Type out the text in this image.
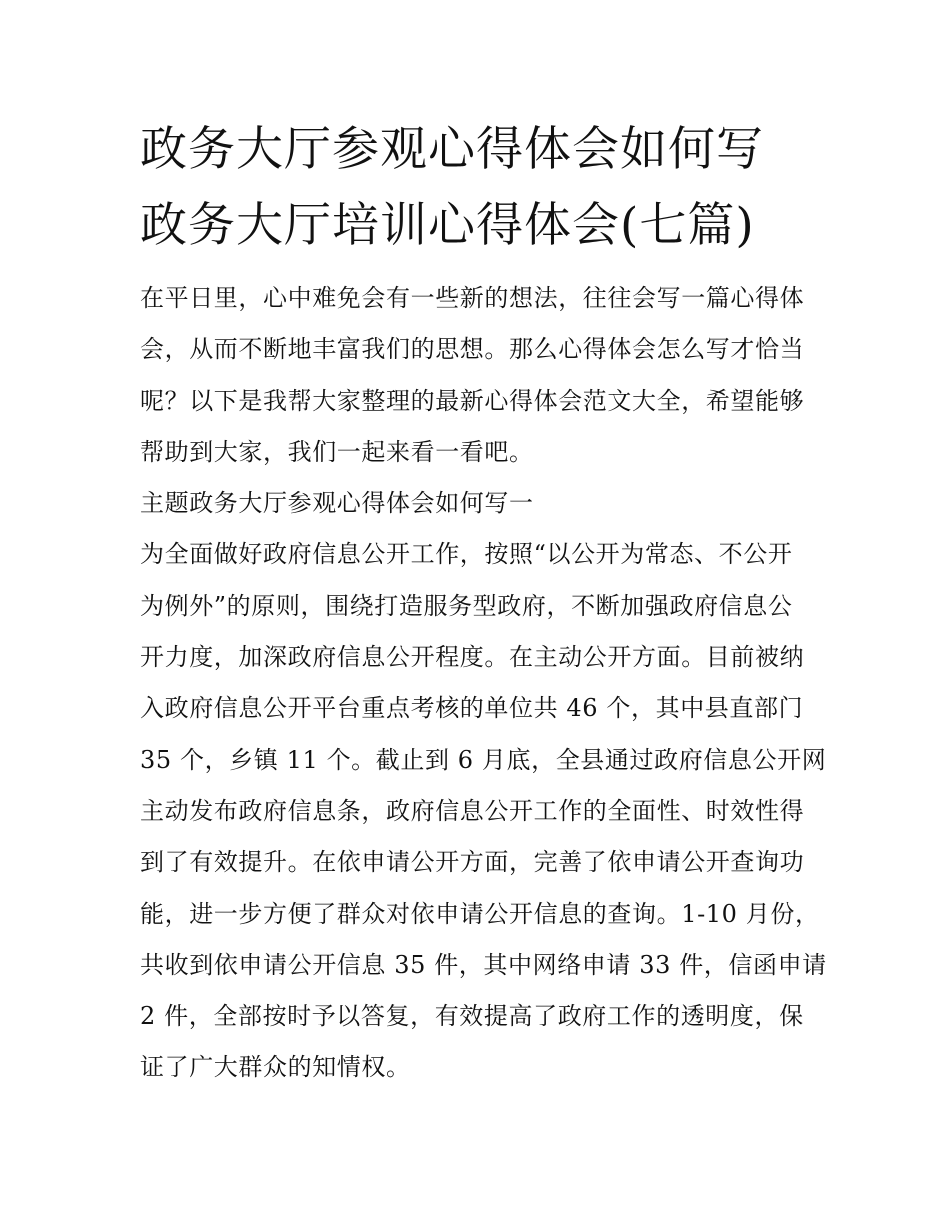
政务大厅参观心得体会如何写
政务大厅培训心得体会(七篇)
在平日里，心中难免会有一些新的想法，往往会写一篇心得体
会，从而不断地丰富我们的思想。那么心得体会怎么写才恰当
呢？以下是我帮大家整理的最新心得体会范文大全，希望能够
帮助到大家，我们一起来看一看吧。
主题政务大厅参观心得体会如何写一
为全面做好政府信息公开工作，按照“以公开为常态、不公开
为例外”的原则，围绕打造服务型政府，不断加强政府信息公
开力度，加深政府信息公开程度。在主动公开方面。目前被纳
入政府信息公开平台重点考核的单位共 46 个，其中县直部门
35 个，乡镇 11 个。截止到 6 月底，全县通过政府信息公开网
主动发布政府信息条，政府信息公开工作的全面性、时效性得
到了有效提升。在依申请公开方面，完善了依申请公开查询功
能，进一步方便了群众对依申请公开信息的查询。1-10 月份，
共收到依申请公开信息 35 件，其中网络申请 33 件，信函申请
2 件，全部按时予以答复，有效提高了政府工作的透明度，保
证了广大群众的知情权。
